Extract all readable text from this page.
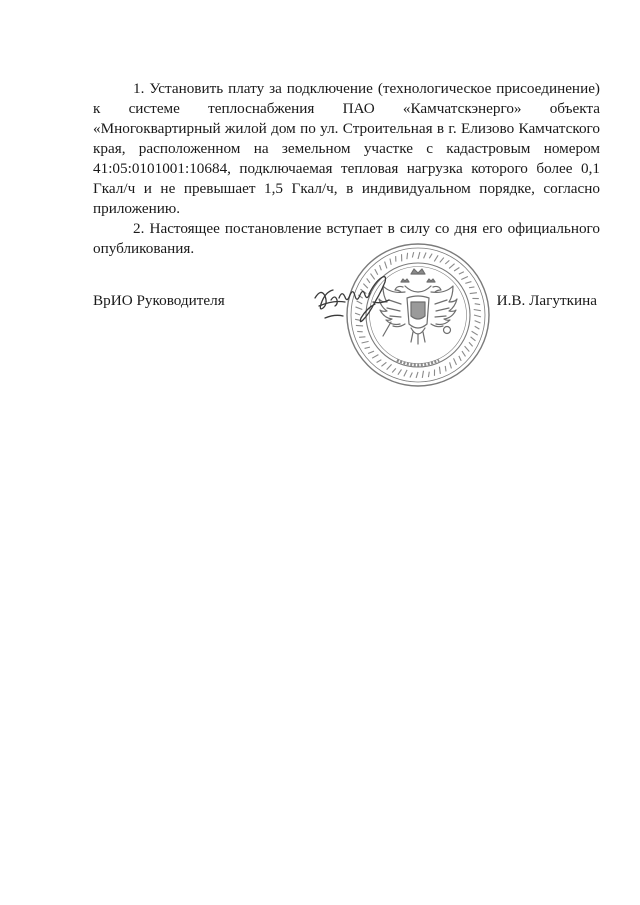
1. Установить плату за подключение (технологическое присоединение) к системе теплоснабжения ПАО «Камчатскэнерго» объекта «Многоквартирный жилой дом по ул. Строительная в г. Елизово Камчатского края, расположенном на земельном участке с кадастровым номером 41:05:0101001:10684, подключаемая тепловая нагрузка которого более 0,1 Гкал/ч и не превышает 1,5 Гкал/ч, в индивидуальном порядке, согласно приложению.

2. Настоящее постановление вступает в силу со дня его официального опубликования.

ВрИО Руководителя	И.В. Лагуткина
